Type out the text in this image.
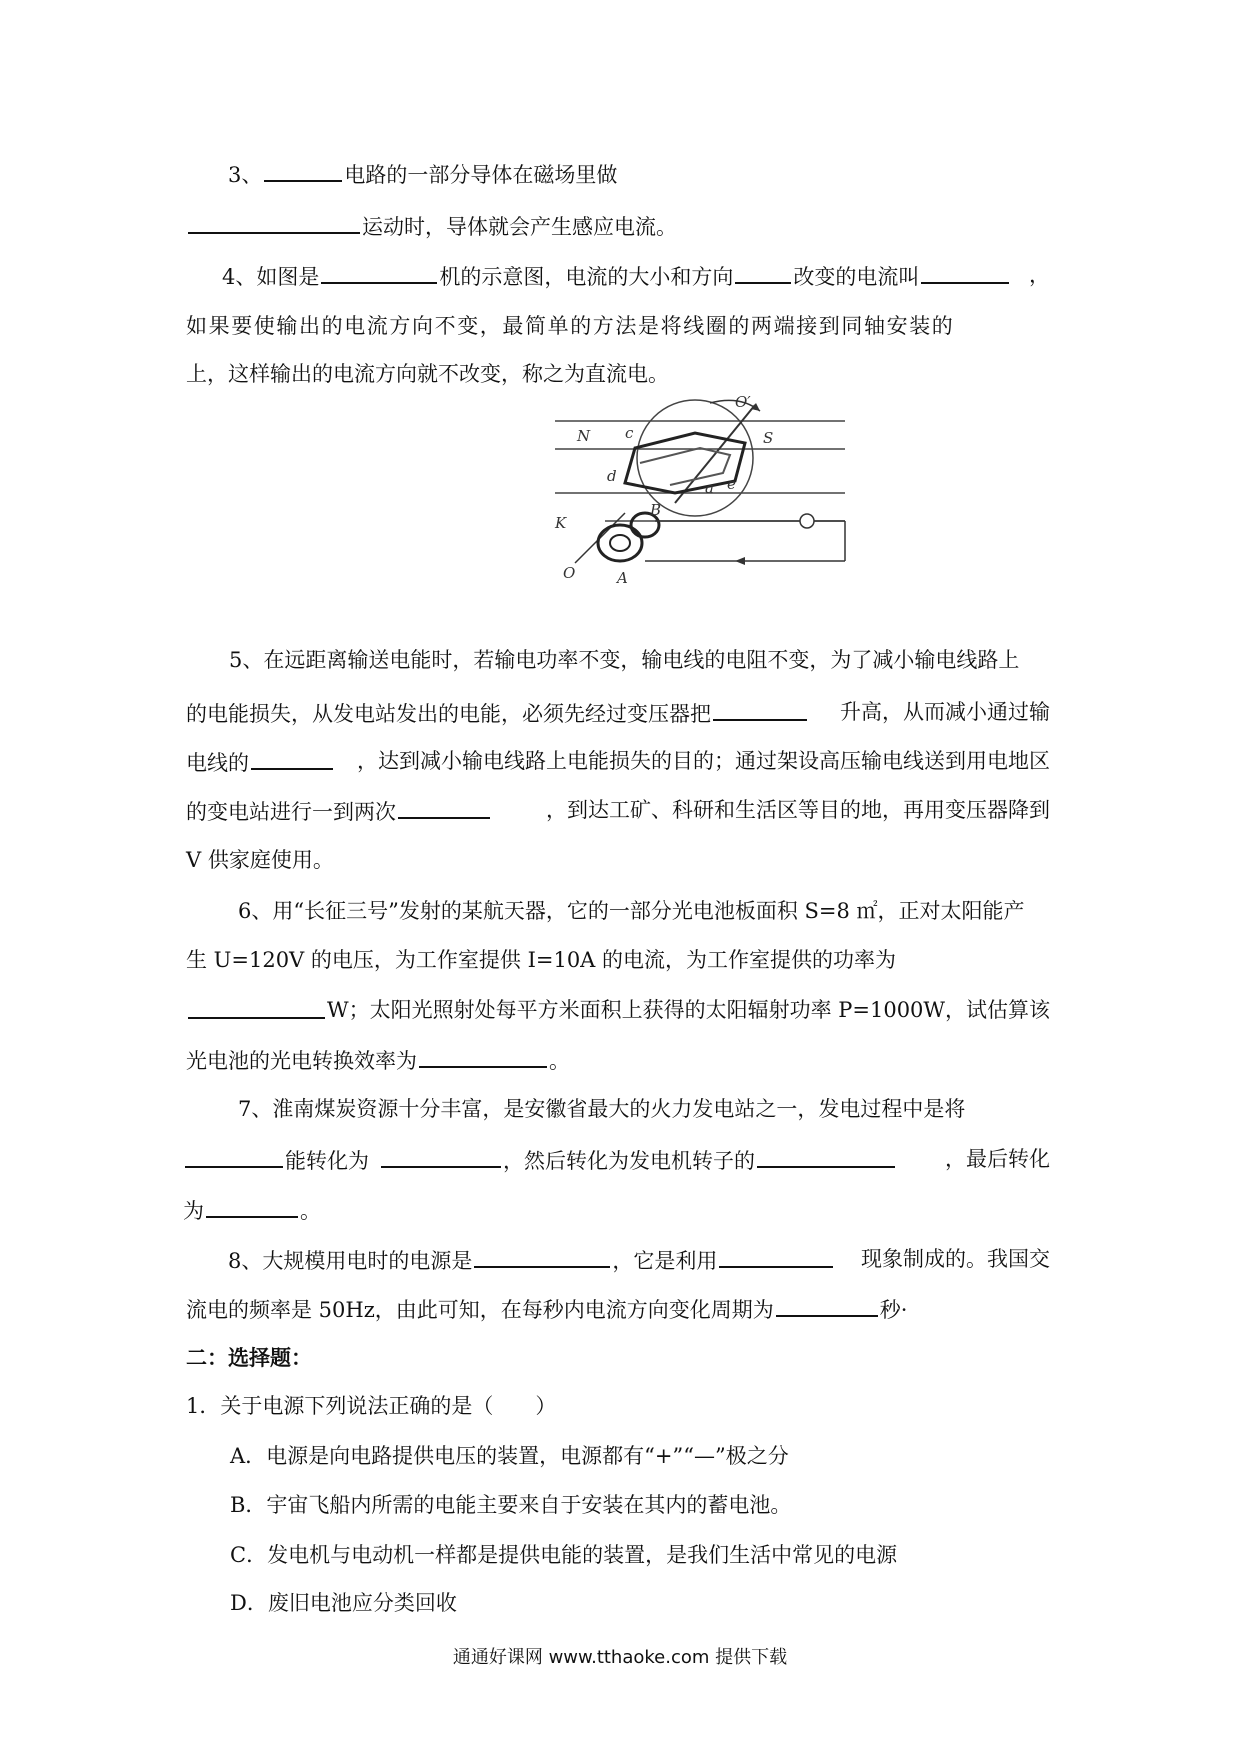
3、	电路的一部分导体在磁场里做
运动时，导体就会产生感应电流。
4、如图是	机的示意图，电流的大小和方向	改变的电流叫	，
如果要使输出的电流方向不变，最简单的方法是将线圈的两端接到同轴安装的
上，这样输出的电流方向就不改变，称之为直流电。
N	S
O′
c
d
a e
B
K
A
O
5、在远距离输送电能时，若输电功率不变，输电线的电阻不变，为了减小输电线路上
的电能损失，从发电站发出的电能，必须先经过变压器把	升高，从而减小通过输
电线的	，达到减小输电线路上电能损失的目的；通过架设高压输电线送到用电地区
的变电站进行一到两次	，到达工矿、科研和生活区等目的地，再用变压器降到
V 供家庭使用。
6、用“长征三号”发射的某航天器，它的一部分光电池板面积 S=8 ㎡，正对太阳能产
生 U=120V 的电压，为工作室提供 I=10A 的电流，为工作室提供的功率为
W；太阳光照射处每平方米面积上获得的太阳辐射功率 P=1000W，试估算该
光电池的光电转换效率为	。
7、淮南煤炭资源十分丰富，是安徽省最大的火力发电站之一，发电过程中是将
能转化为	，然后转化为发电机转子的	，最后转化
为	。
8、大规模用电时的电源是	，它是利用	现象制成的。我国交
流电的频率是 50Hz，由此可知，在每秒内电流方向变化周期为	秒·
二：选择题：
1．关于电源下列说法正确的是（　　）
A．电源是向电路提供电压的装置，电源都有“+”“—”极之分
B．宇宙飞船内所需的电能主要来自于安装在其内的蓄电池。
C．发电机与电动机一样都是提供电能的装置，是我们生活中常见的电源
D．废旧电池应分类回收
通通好课网 www.tthaoke.com 提供下载
